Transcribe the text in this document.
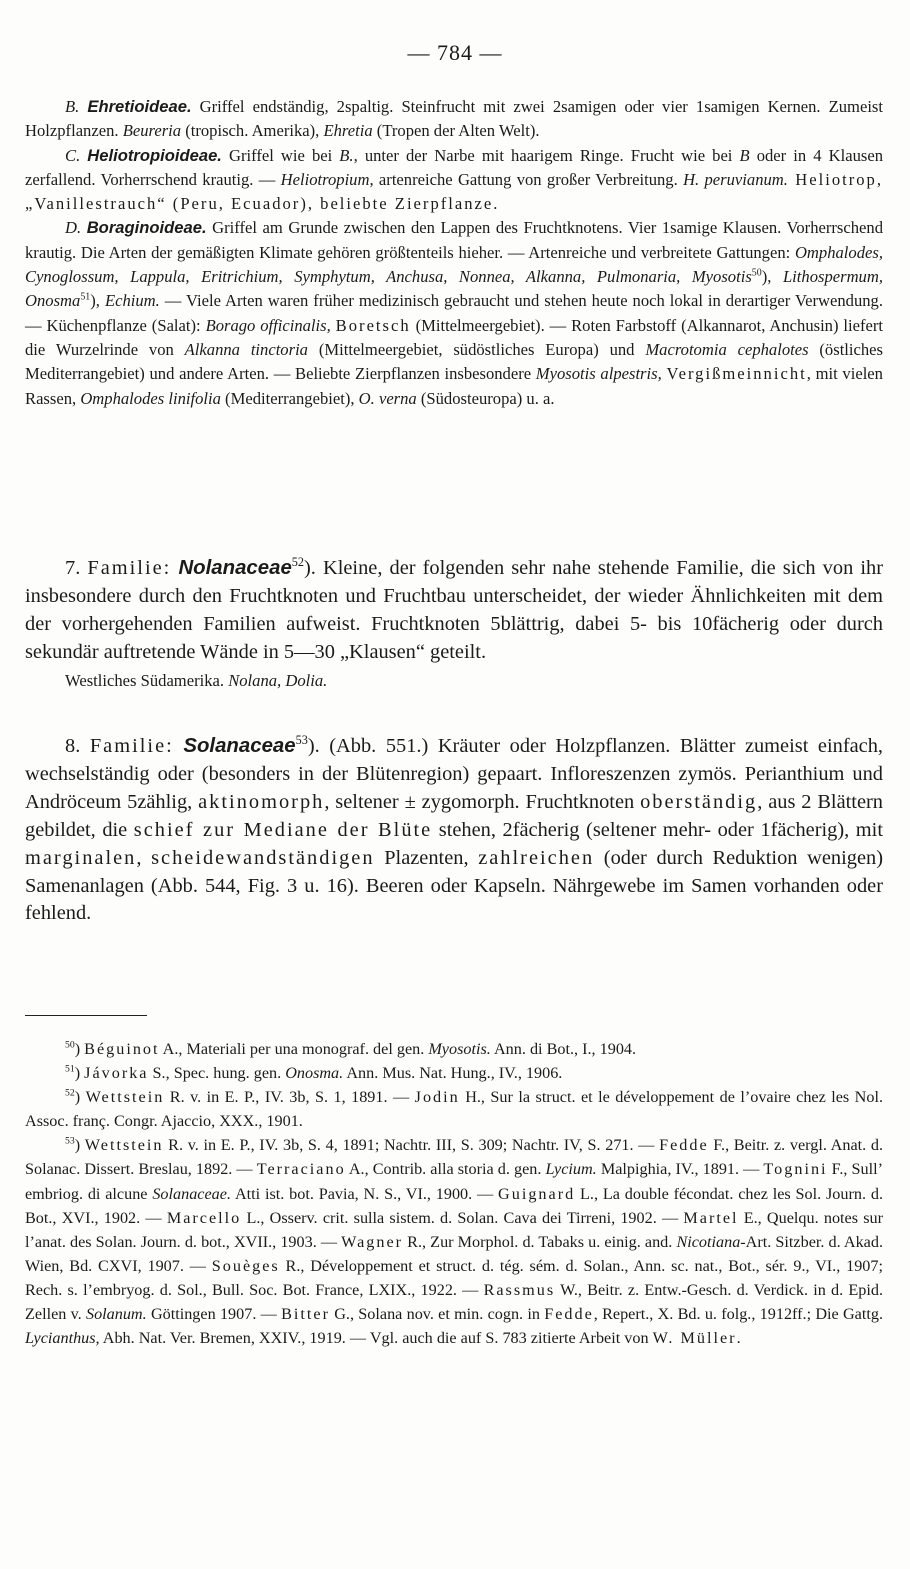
— 784 —

B. Ehretioideae. Griffel endständig, 2spaltig. Steinfrucht mit zwei 2samigen oder vier 1samigen Kernen. Zumeist Holzpflanzen. Beureria (tropisch. Amerika), Ehretia (Tropen der Alten Welt).

C. Heliotropioideae. Griffel wie bei B., unter der Narbe mit haarigem Ringe. Frucht wie bei B oder in 4 Klausen zerfallend. Vorherrschend krautig. — Heliotropium, artenreiche Gattung von großer Verbreitung. H. peruvianum. Heliotrop, „Vanillestrauch“ (Peru, Ecuador), beliebte Zierpflanze.

D. Boraginoideae. Griffel am Grunde zwischen den Lappen des Fruchtknotens. Vier 1samige Klausen. Vorherrschend krautig. Die Arten der gemäßigten Klimate gehören größtenteils hieher. — Artenreiche und verbreitete Gattungen: Omphalodes, Cynoglossum, Lappula, Eritrichium, Symphytum, Anchusa, Nonnea, Alkanna, Pulmonaria, Myosotis$^{50}$), Lithospermum, Onosma$^{51}$), Echium. — Viele Arten waren früher medizinisch gebraucht und stehen heute noch lokal in derartiger Verwendung. — Küchenpflanze (Salat): Borago officinalis, Boretsch (Mittelmeergebiet). — Roten Farbstoff (Alkannarot, Anchusin) liefert die Wurzelrinde von Alkanna tinctoria (Mittelmeergebiet, südöstliches Europa) und Macrotomia cephalotes (östliches Mediterrangebiet) und andere Arten. — Beliebte Zierpflanzen insbesondere Myosotis alpestris, Vergißmeinnicht, mit vielen Rassen, Omphalodes linifolia (Mediterrangebiet), O. verna (Südosteuropa) u. a.

7. Familie: Nolanaceae$^{52}$). Kleine, der folgenden sehr nahe stehende Familie, die sich von ihr insbesondere durch den Fruchtknoten und Fruchtbau unterscheidet, der wieder Ähnlichkeiten mit dem der vorhergehenden Familien aufweist. Fruchtknoten 5blättrig, dabei 5- bis 10fächerig oder durch sekundär auftretende Wände in 5—30 „Klausen“ geteilt.

Westliches Südamerika. Nolana, Dolia.

8. Familie: Solanaceae$^{53}$). (Abb. 551.) Kräuter oder Holzpflanzen. Blätter zumeist einfach, wechselständig oder (besonders in der Blütenregion) gepaart. Infloreszenzen zymös. Perianthium und Andröceum 5zählig, aktinomorph, seltener ± zygomorph. Fruchtknoten oberständig, aus 2 Blättern gebildet, die schief zur Mediane der Blüte stehen, 2fächerig (seltener mehr- oder 1fächerig), mit marginalen, scheidewandständigen Plazenten, zahlreichen (oder durch Reduktion wenigen) Samenanlagen (Abb. 544, Fig. 3 u. 16). Beeren oder Kapseln. Nährgewebe im Samen vorhanden oder fehlend.

$^{50}$) Béguinot A., Materiali per una monograf. del gen. Myosotis. Ann. di Bot., I., 1904.

$^{51}$) Jávorka S., Spec. hung. gen. Onosma. Ann. Mus. Nat. Hung., IV., 1906.

$^{52}$) Wettstein R. v. in E. P., IV. 3b, S. 1, 1891. — Jodin H., Sur la struct. et le développement de l’ovaire chez les Nol. Assoc. franç. Congr. Ajaccio, XXX., 1901.

$^{53}$) Wettstein R. v. in E. P., IV. 3b, S. 4, 1891; Nachtr. III, S. 309; Nachtr. IV, S. 271. — Fedde F., Beitr. z. vergl. Anat. d. Solanac. Dissert. Breslau, 1892. — Terraciano A., Contrib. alla storia d. gen. Lycium. Malpighia, IV., 1891. — Tognini F., Sull’ embriog. di alcune Solanaceae. Atti ist. bot. Pavia, N. S., VI., 1900. — Guignard L., La double fécondat. chez les Sol. Journ. d. Bot., XVI., 1902. — Marcello L., Osserv. crit. sulla sistem. d. Solan. Cava dei Tirreni, 1902. — Martel E., Quelqu. notes sur l’anat. des Solan. Journ. d. bot., XVII., 1903. — Wagner R., Zur Morphol. d. Tabaks u. einig. and. Nicotiana-Art. Sitzber. d. Akad. Wien, Bd. CXVI, 1907. — Souèges R., Développement et struct. d. tég. sém. d. Solan., Ann. sc. nat., Bot., sér. 9., VI., 1907; Rech. s. l’embryog. d. Sol., Bull. Soc. Bot. France, LXIX., 1922. — Rassmus W., Beitr. z. Entw.-Gesch. d. Verdick. in d. Epid. Zellen v. Solanum. Göttingen 1907. — Bitter G., Solana nov. et min. cogn. in Fedde, Repert., X. Bd. u. folg., 1912ff.; Die Gattg. Lycianthus, Abh. Nat. Ver. Bremen, XXIV., 1919. — Vgl. auch die auf S. 783 zitierte Arbeit von W. Müller.
